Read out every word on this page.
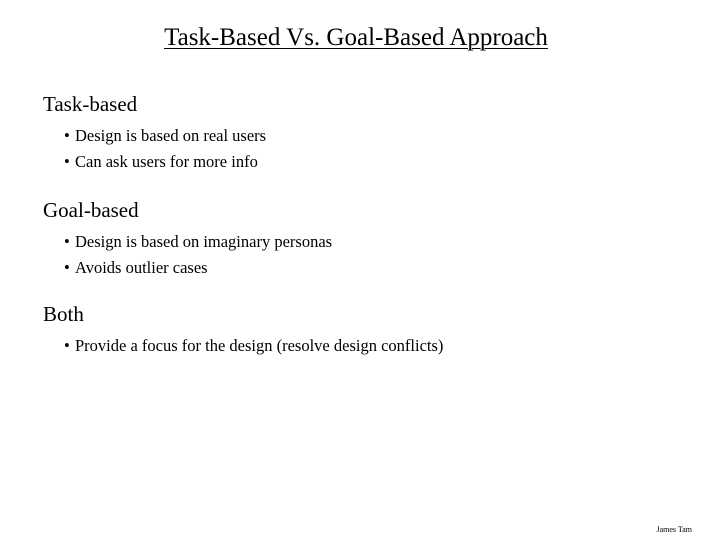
Task-Based Vs. Goal-Based Approach
Task-based
• Design is based on real users
• Can ask users for more info
Goal-based
• Design is based on imaginary personas
• Avoids outlier cases
Both
• Provide a focus for the design (resolve design conflicts)
James Tam
